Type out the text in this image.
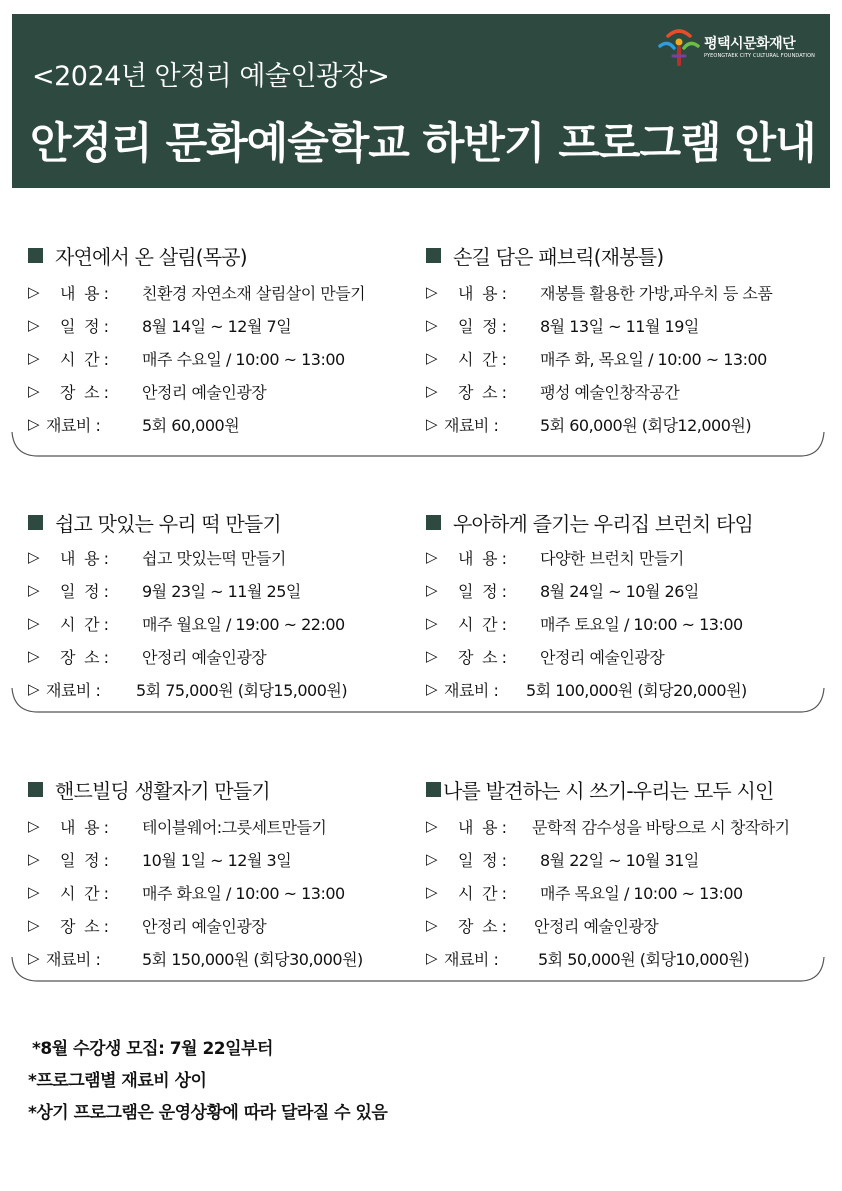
<2024년 안정리 예술인광장>
안정리 문화예술학교 하반기 프로그램 안내
평택시문화재단
PYEONGTAEK CITY CULTURAL FOUNDATION
자연에서 온 살림(목공)
▷	내  용 :	친환경 자연소재 살림살이 만들기
▷	일  정 :	8월 14일 ~ 12월 7일
▷	시  간 :	매주 수요일 / 10:00 ~ 13:00
▷	장  소 :	안정리 예술인광장
▷ 재료비 :	5회 60,000원
손길 담은 패브릭(재봉틀)
▷	내  용 :	재봉틀 활용한 가방,파우치 등 소품
▷	일  정 :	8월 13일 ~ 11월 19일
▷	시  간 :	매주 화, 목요일 / 10:00 ~ 13:00
▷	장  소 :	팽성 예술인창작공간
▷ 재료비 :	5회 60,000원 (회당12,000원)
쉽고 맛있는 우리 떡 만들기
▷	내  용 :	쉽고 맛있는떡 만들기
▷	일  정 :	9월 23일 ~ 11월 25일
▷	시  간 :	매주 월요일 / 19:00 ~ 22:00
▷	장  소 :	안정리 예술인광장
▷ 재료비 :	5회 75,000원 (회당15,000원)
우아하게 즐기는 우리집 브런치 타임
▷	내  용 :	다양한 브런치 만들기
▷	일  정 :	8월 24일 ~ 10월 26일
▷	시  간 :	매주 토요일 / 10:00 ~ 13:00
▷	장  소 :	안정리 예술인광장
▷ 재료비 :	5회 100,000원 (회당20,000원)
핸드빌딩 생활자기 만들기
▷	내  용 :	테이블웨어:그릇세트만들기
▷	일  정 :	10월 1일 ~ 12월 3일
▷	시  간 :	매주 화요일 / 10:00 ~ 13:00
▷	장  소 :	안정리 예술인광장
▷ 재료비 :	5회 150,000원 (회당30,000원)
나를 발견하는 시 쓰기-우리는 모두 시인
▷	내  용 :	문학적 감수성을 바탕으로 시 창작하기
▷	일  정 :	8월 22일 ~ 10월 31일
▷	시  간 :	매주 목요일 / 10:00 ~ 13:00
▷	장  소 :	안정리 예술인광장
▷ 재료비 :	5회 50,000원 (회당10,000원)
*8월 수강생 모집: 7월 22일부터
*프로그램별 재료비 상이
*상기 프로그램은 운영상황에 따라 달라질 수 있음
